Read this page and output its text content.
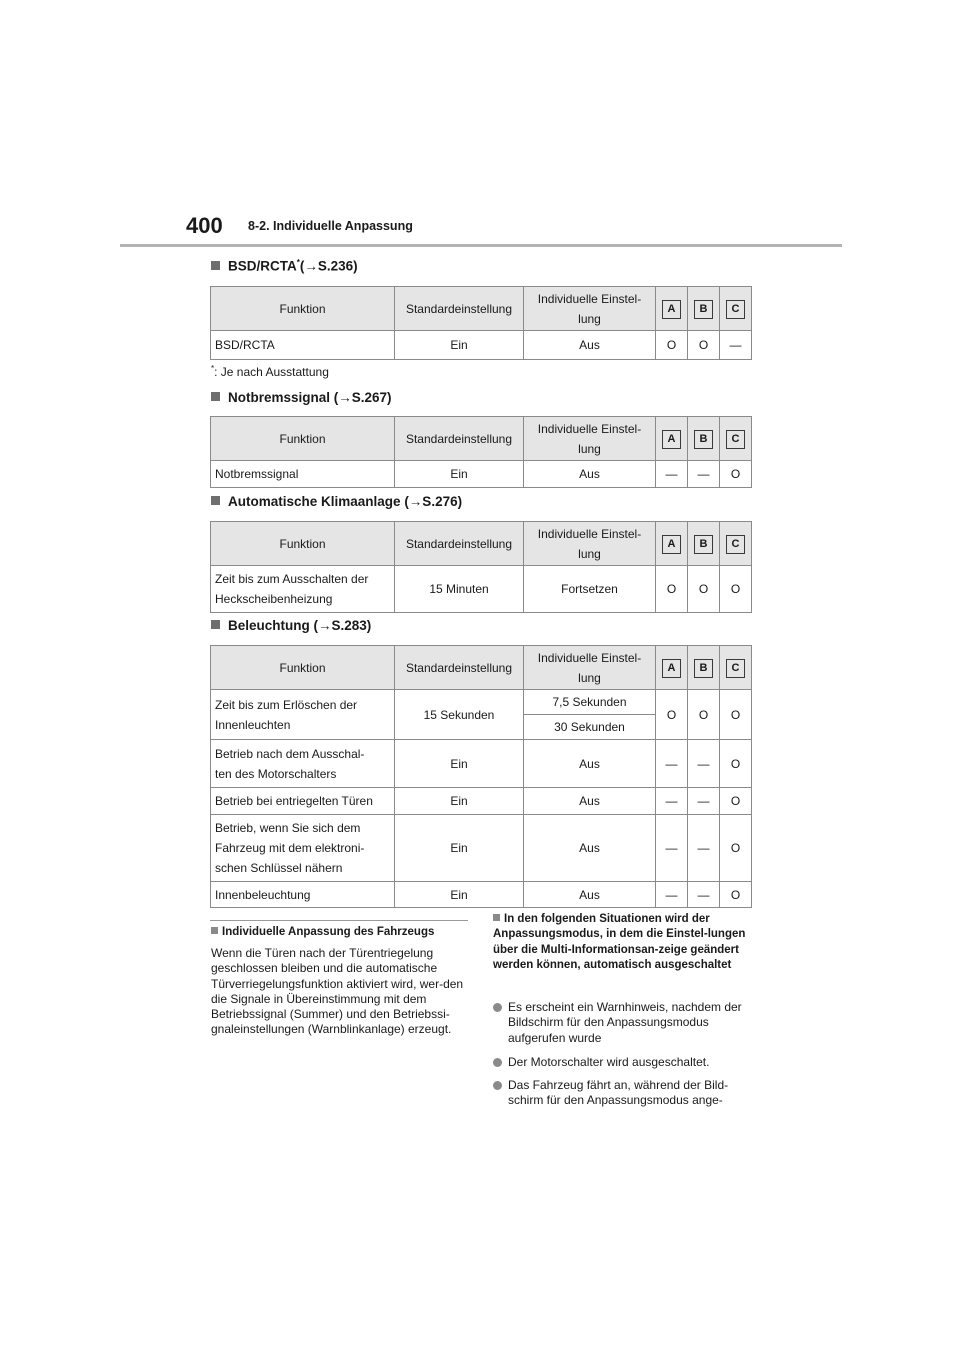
400 8-2. Individuelle Anpassung
BSD/RCTA*(→S.236)
Funktion	Standardeinstellung	Individuelle Einstel-
lung	A	B	C
BSD/RCTA	Ein	Aus	O	O	—
*: Je nach Ausstattung
Notbremssignal (→S.267)
Funktion	Standardeinstellung	Individuelle Einstel-
lung	A	B	C
Notbremssignal	Ein	Aus	—	—	O
Automatische Klimaanlage (→S.276)
Funktion	Standardeinstellung	Individuelle Einstel-
lung	A	B	C
Zeit bis zum Ausschalten der
Heckscheibenheizung	15 Minuten	Fortsetzen	O	O	O
Beleuchtung (→S.283)
Funktion	Standardeinstellung	Individuelle Einstel-
lung	A	B	C
Zeit bis zum Erlöschen der
Innenleuchten	15 Sekunden	7,5 Sekunden	O	O	O
		30 Sekunden			
Betrieb nach dem Ausschal-
ten des Motorschalters	Ein	Aus	—	—	O
Betrieb bei entriegelten Türen	Ein	Aus	—	—	O
Betrieb, wenn Sie sich dem
Fahrzeug mit dem elektroni-
schen Schlüssel nähern	Ein	Aus	—	—	O
Innenbeleuchtung	Ein	Aus	—	—	O
Individuelle Anpassung des Fahrzeugs
Wenn die Türen nach der Türentriegelung geschlossen bleiben und die automatische Türverriegelungsfunktion aktiviert wird, wer-den die Signale in Übereinstimmung mit dem Betriebssignal (Summer) und den Betriebssi-gnaleinstellungen (Warnblinkanlage) erzeugt.
In den folgenden Situationen wird der Anpassungsmodus, in dem die Einstel-lungen über die Multi-Informationsan-zeige geändert werden können, automatisch ausgeschaltet
Es erscheint ein Warnhinweis, nachdem der Bildschirm für den Anpassungsmodus aufgerufen wurde
Der Motorschalter wird ausgeschaltet.
Das Fahrzeug fährt an, während der Bild-schirm für den Anpassungsmodus ange-
